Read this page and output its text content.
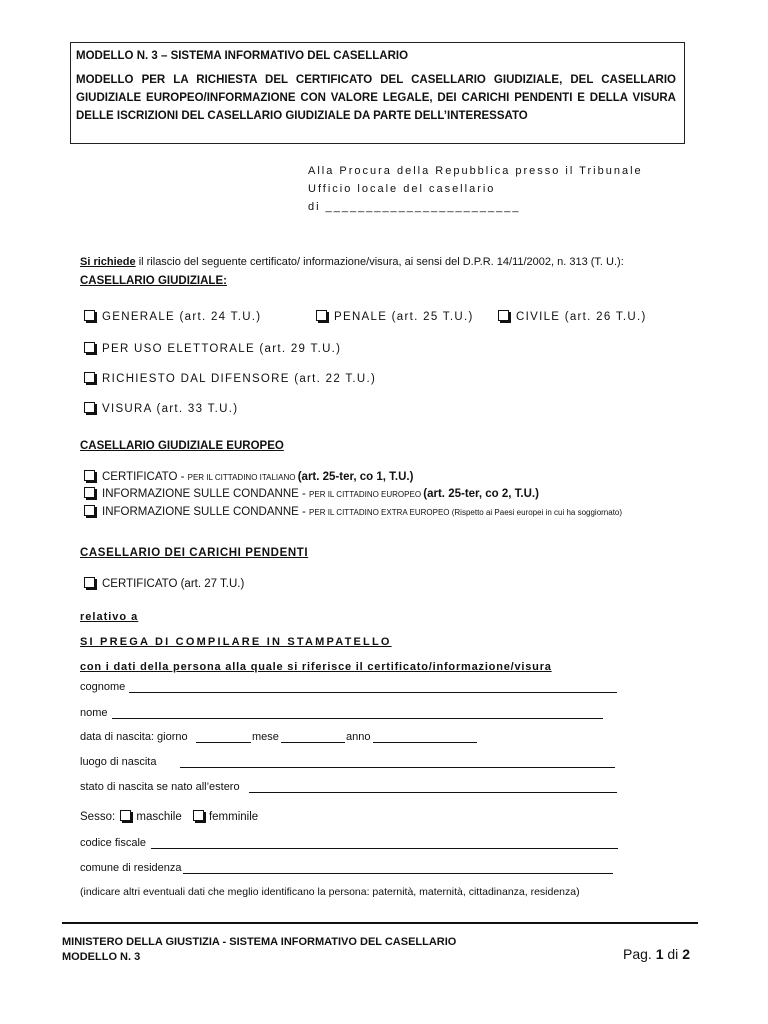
MODELLO N. 3 – SISTEMA INFORMATIVO DEL CASELLARIO
MODELLO PER LA RICHIESTA DEL CERTIFICATO DEL CASELLARIO GIUDIZIALE, DEL CASELLARIO
GIUDIZIALE EUROPEO/INFORMAZIONE CON VALORE LEGALE, DEI CARICHI PENDENTI E DELLA VISURA
DELLE ISCRIZIONI DEL CASELLARIO GIUDIZIALE DA PARTE DELL’INTERESSATO
Alla Procura della Repubblica presso il Tribunale
Ufficio locale del casellario
di ________________________
Si richiede il rilascio del seguente certificato/ informazione/visura, ai sensi del D.P.R. 14/11/2002, n. 313 (T. U.):
CASELLARIO GIUDIZIALE:
GENERALE (art. 24 T.U.)	PENALE (art. 25 T.U.)	CIVILE (art. 26 T.U.)
PER USO ELETTORALE (art. 29 T.U.)
RICHIESTO DAL DIFENSORE (art. 22 T.U.)
VISURA (art. 33 T.U.)
CASELLARIO GIUDIZIALE EUROPEO
CERTIFICATO - PER IL CITTADINO ITALIANO (art. 25-ter, co 1, T.U.)
INFORMAZIONE SULLE CONDANNE - PER IL CITTADINO EUROPEO (art. 25-ter, co 2, T.U.)
INFORMAZIONE SULLE CONDANNE - PER IL CITTADINO EXTRA EUROPEO (Rispetto ai Paesi europei in cui ha soggiornato)
CASELLARIO DEI CARICHI PENDENTI
CERTIFICATO (art. 27 T.U.)
relativo a
SI PREGA DI COMPILARE IN STAMPATELLO
con i dati della persona alla quale si riferisce il certificato/informazione/visura
cognome
nome
data di nascita: giorno	mese	anno
luogo di nascita
stato di nascita se nato all’estero
Sesso: maschile femminile
codice fiscale
comune di residenza
(indicare altri eventuali dati che meglio identificano la persona: paternità, maternità, cittadinanza, residenza)
MINISTERO DELLA GIUSTIZIA - SISTEMA INFORMATIVO DEL CASELLARIO
MODELLO N. 3	Pag. 1 di 2
